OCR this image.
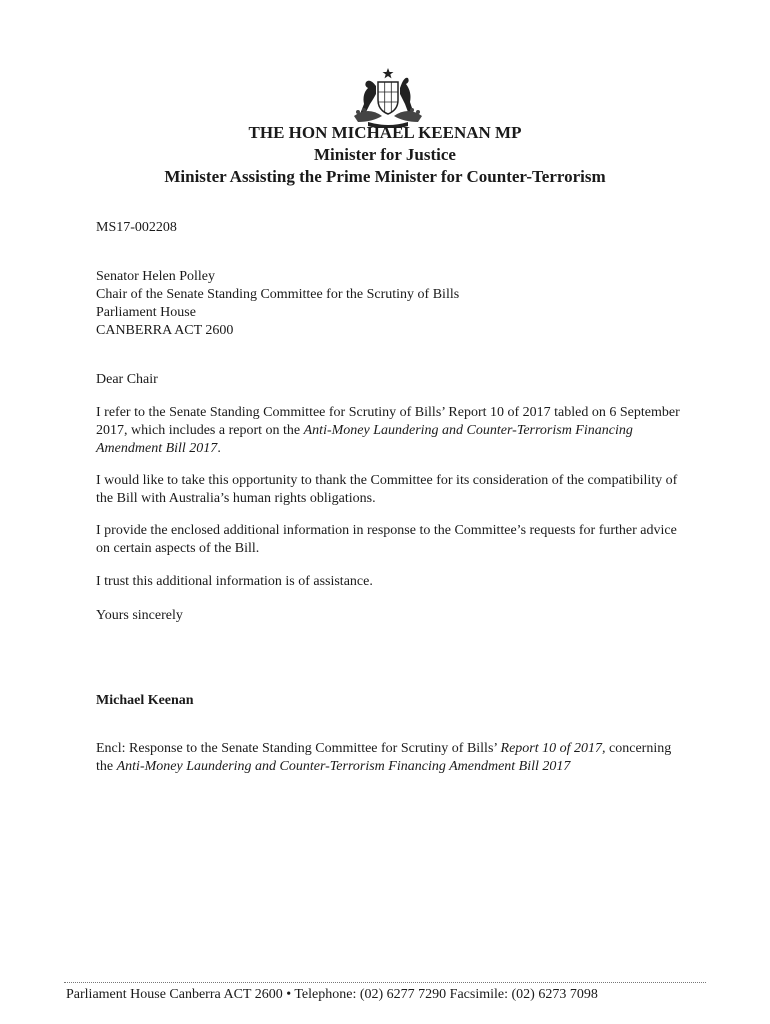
THE HON MICHAEL KEENAN MP
Minister for Justice
Minister Assisting the Prime Minister for Counter-Terrorism
MS17-002208
Senator Helen Polley
Chair of the Senate Standing Committee for the Scrutiny of Bills
Parliament House
CANBERRA ACT 2600
Dear Chair
I refer to the Senate Standing Committee for Scrutiny of Bills’ Report 10 of 2017 tabled on 6 September 2017, which includes a report on the Anti-Money Laundering and Counter-Terrorism Financing Amendment Bill 2017.
I would like to take this opportunity to thank the Committee for its consideration of the compatibility of the Bill with Australia’s human rights obligations.
I provide the enclosed additional information in response to the Committee’s requests for further advice on certain aspects of the Bill.
I trust this additional information is of assistance.
Yours sincerely
Michael Keenan
Encl: Response to the Senate Standing Committee for Scrutiny of Bills’ Report 10 of 2017, concerning the Anti-Money Laundering and Counter-Terrorism Financing Amendment Bill 2017
Parliament House Canberra ACT 2600 • Telephone: (02) 6277 7290 Facsimile: (02) 6273 7098
